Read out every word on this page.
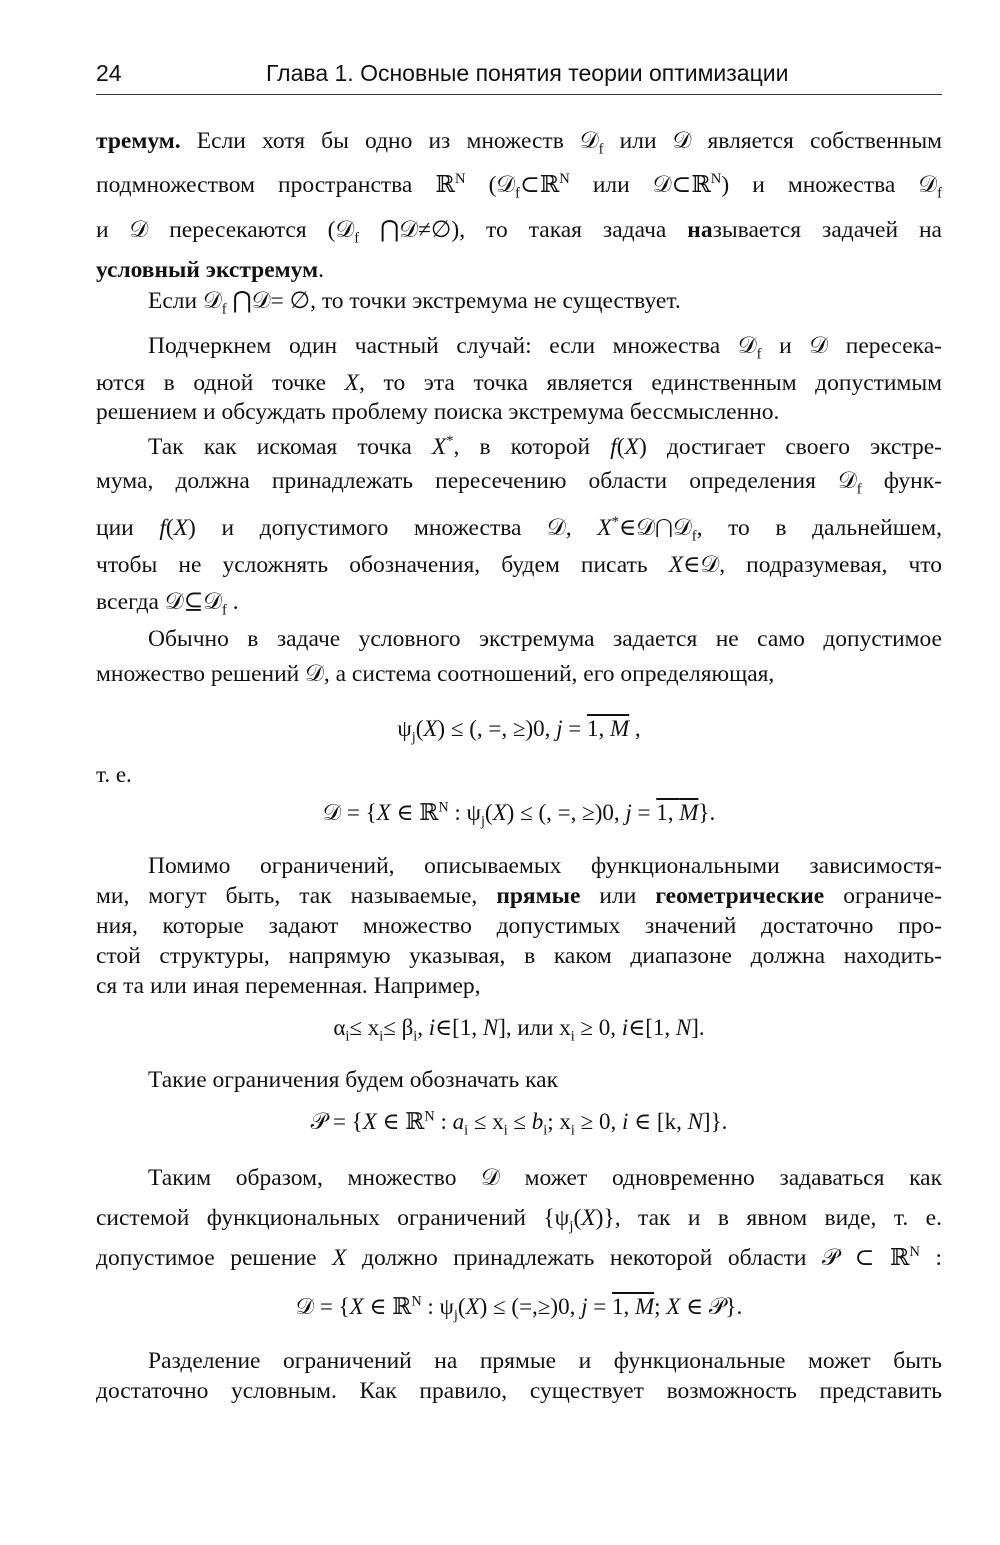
24	Глава 1. Основные понятия теории оптимизации
тремум. Если хотя бы одно из множеств 𝒟$_f$ или 𝒟 является собственным
подмножеством пространства ℝ$^N$ (𝒟$_f$⊂ℝ$^N$ или 𝒟⊂ℝ$^N$) и множества 𝒟$_f$
и 𝒟 пересекаются (𝒟$_f$ ⋂𝒟≠∅), то такая задача называется задачей на
условный экстремум.
Если 𝒟$_f$ ⋂𝒟= ∅, то точки экстремума не существует.
Подчеркнем один частный случай: если множества 𝒟$_f$ и 𝒟 пересека-
ются в одной точке X, то эта точка является единственным допустимым
решением и обсуждать проблему поиска экстремума бессмысленно.
Так как искомая точка X*, в которой f(X) достигает своего экстре-
мума, должна принадлежать пересечению области определения 𝒟$_f$ функ-
ции f(X) и допустимого множества 𝒟, X*∈𝒟⋂𝒟$_f$, то в дальнейшем,
чтобы не усложнять обозначения, будем писать X∈𝒟, подразумевая, что
всегда 𝒟⊆𝒟$_f$ .
Обычно в задаче условного экстремума задается не само допустимое
множество решений 𝒟, а система соотношений, его определяющая,
$\psi_j(X)$ ≤ (, =, ≥)0, j = 1, M ,
т. е.
𝒟 = {X ∈ ℝ$^N$ : $\psi_j(X)$ ≤ (, =, ≥)0, j = 1, M}.
Помимо ограничений, описываемых функциональными зависимостя-
ми, могут быть, так называемые, прямые или геометрические ограниче-
ния, которые задают множество допустимых значений достаточно про-
стой структуры, напрямую указывая, в каком диапазоне должна находить-
ся та или иная переменная. Например,
$\alpha_i\le x_i\le \beta_i$, i∈[1, N], или $x_i \ge 0$, i∈[1, N].
Такие ограничения будем обозначать как
𝒫 = {X ∈ ℝ$^N$ : $a_i \le x_i \le b_i$; $x_i \ge 0$, i ∈ [k, N]}.
Таким образом, множество 𝒟 может одновременно задаваться как
системой функциональных ограничений $\{\psi_j(X)\}$, так и в явном виде, т. е.
допустимое решение X должно принадлежать некоторой области 𝒫 ⊂ ℝ$^N$ :
𝒟 = {X ∈ ℝ$^N$ : $\psi_j(X) \le (=,\ge)0$, j = 1, M; X ∈ 𝒫}.
Разделение ограничений на прямые и функциональные может быть
достаточно условным. Как правило, существует возможность представить
